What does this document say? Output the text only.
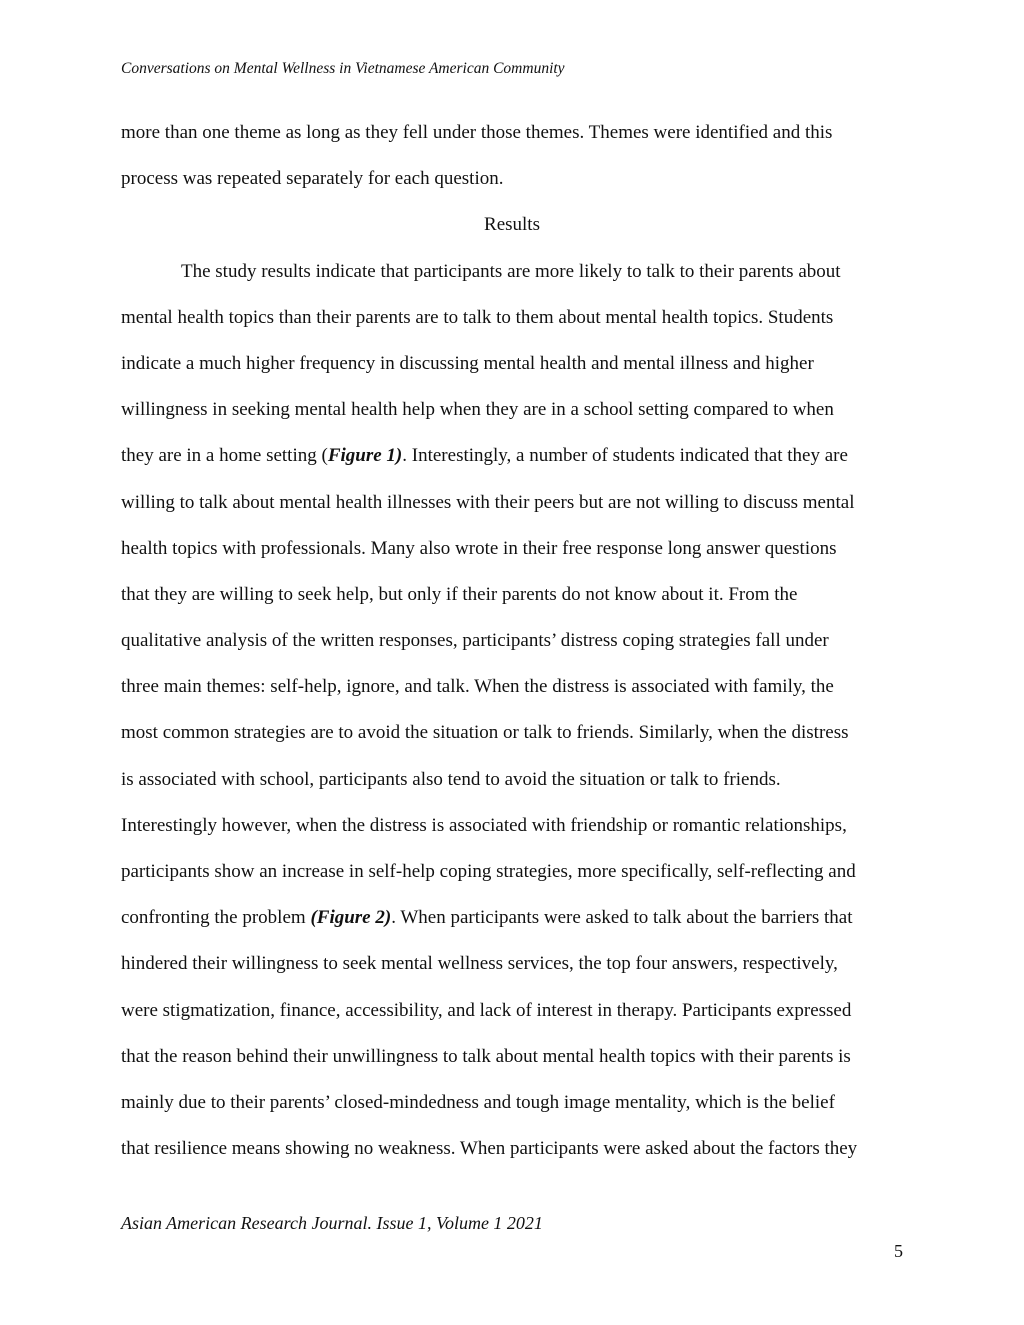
Conversations on Mental Wellness in Vietnamese American Community
more than one theme as long as they fell under those themes. Themes were identified and this
process was repeated separately for each question.
Results
The study results indicate that participants are more likely to talk to their parents about
mental health topics than their parents are to talk to them about mental health topics. Students
indicate a much higher frequency in discussing mental health and mental illness and higher
willingness in seeking mental health help when they are in a school setting compared to when
they are in a home setting (Figure 1). Interestingly, a number of students indicated that they are
willing to talk about mental health illnesses with their peers but are not willing to discuss mental
health topics with professionals. Many also wrote in their free response long answer questions
that they are willing to seek help, but only if their parents do not know about it. From the
qualitative analysis of the written responses, participants’ distress coping strategies fall under
three main themes: self-help, ignore, and talk. When the distress is associated with family, the
most common strategies are to avoid the situation or talk to friends. Similarly, when the distress
is associated with school, participants also tend to avoid the situation or talk to friends.
Interestingly however, when the distress is associated with friendship or romantic relationships,
participants show an increase in self-help coping strategies, more specifically, self-reflecting and
confronting the problem (Figure 2). When participants were asked to talk about the barriers that
hindered their willingness to seek mental wellness services, the top four answers, respectively,
were stigmatization, finance, accessibility, and lack of interest in therapy. Participants expressed
that the reason behind their unwillingness to talk about mental health topics with their parents is
mainly due to their parents’ closed-mindedness and tough image mentality, which is the belief
that resilience means showing no weakness. When participants were asked about the factors they
Asian American Research Journal. Issue 1, Volume 1 2021
5
